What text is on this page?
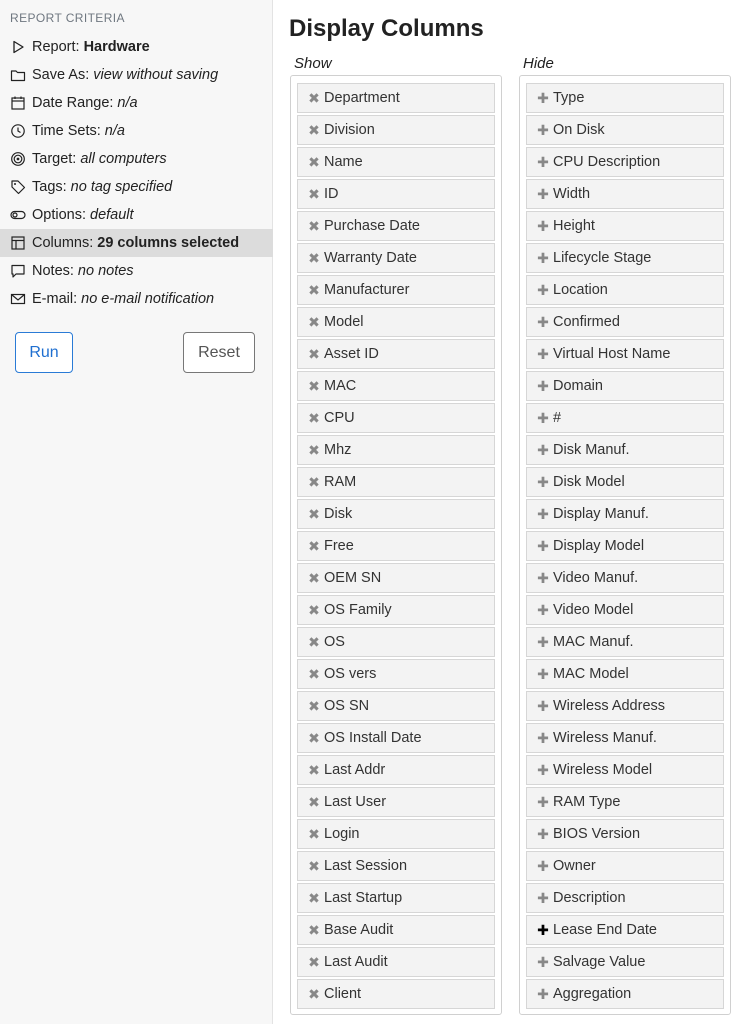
REPORT CRITERIA
Report: Hardware
Save As: view without saving
Date Range: n/a
Time Sets: n/a
Target: all computers
Tags: no tag specified
Options: default
Columns: 29 columns selected
Notes: no notes
E-mail: no e-mail notification
Run	Reset
Display Columns
Show	Hide
✖ Department
✖ Division
✖ Name
✖ ID
✖ Purchase Date
✖ Warranty Date
✖ Manufacturer
✖ Model
✖ Asset ID
✖ MAC
✖ CPU
✖ Mhz
✖ RAM
✖ Disk
✖ Free
✖ OEM SN
✖ OS Family
✖ OS
✖ OS vers
✖ OS SN
✖ OS Install Date
✖ Last Addr
✖ Last User
✖ Login
✖ Last Session
✖ Last Startup
✖ Base Audit
✖ Last Audit
✖ Client
✚ Type
✚ On Disk
✚ CPU Description
✚ Width
✚ Height
✚ Lifecycle Stage
✚ Location
✚ Confirmed
✚ Virtual Host Name
✚ Domain
✚ #
✚ Disk Manuf.
✚ Disk Model
✚ Display Manuf.
✚ Display Model
✚ Video Manuf.
✚ Video Model
✚ MAC Manuf.
✚ MAC Model
✚ Wireless Address
✚ Wireless Manuf.
✚ Wireless Model
✚ RAM Type
✚ BIOS Version
✚ Owner
✚ Description
✚ Lease End Date
✚ Salvage Value
✚ Aggregation
